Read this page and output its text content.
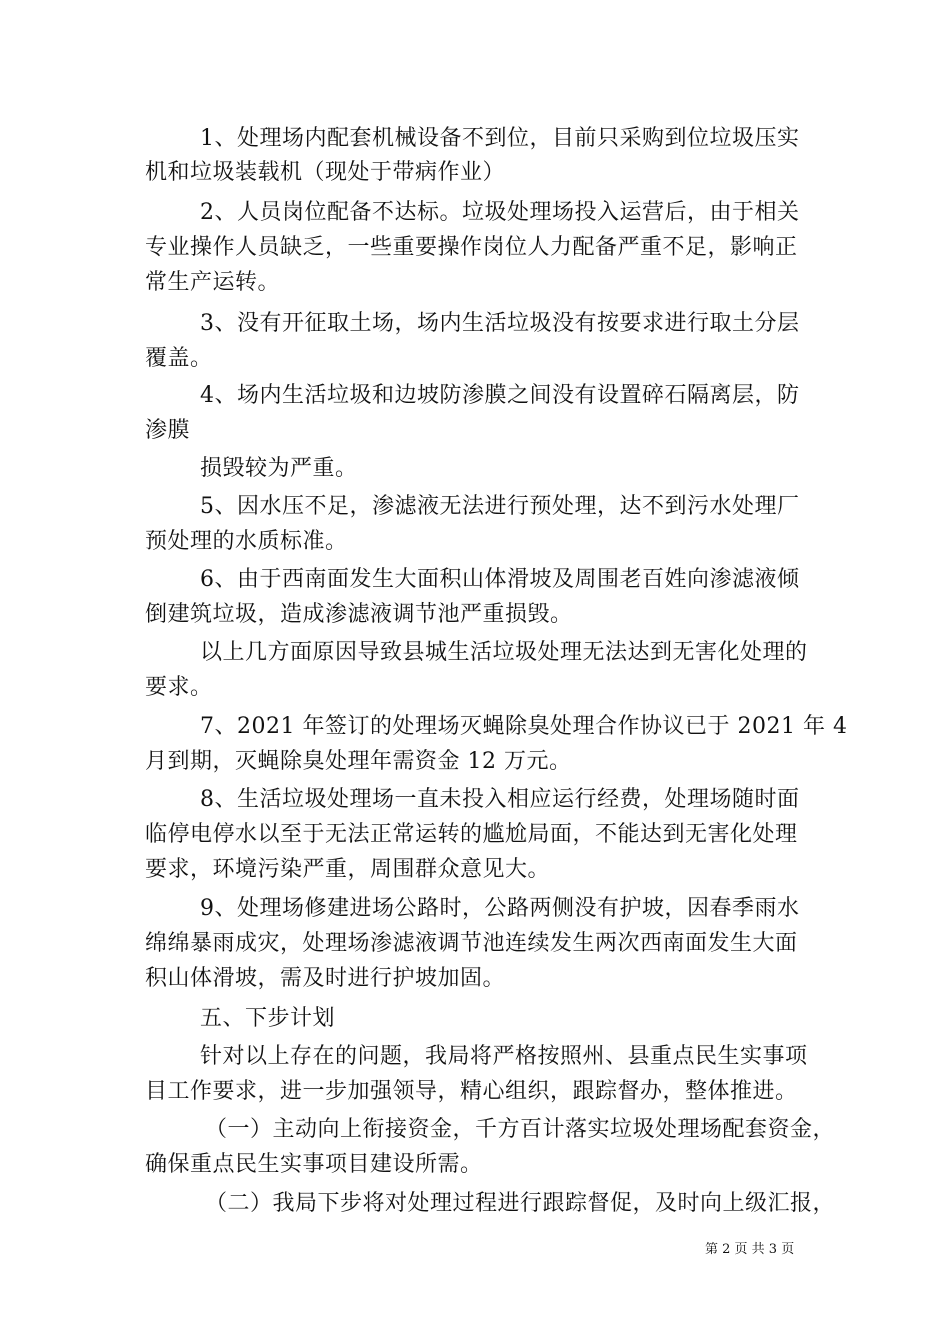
1、处理场内配套机械设备不到位，目前只采购到位垃圾压实
机和垃圾装载机（现处于带病作业）
2、人员岗位配备不达标。垃圾处理场投入运营后，由于相关
专业操作人员缺乏，一些重要操作岗位人力配备严重不足，影响正
常生产运转。
3、没有开征取土场，场内生活垃圾没有按要求进行取土分层
覆盖。
4、场内生活垃圾和边坡防渗膜之间没有设置碎石隔离层，防
渗膜
损毁较为严重。
5、因水压不足，渗滤液无法进行预处理，达不到污水处理厂
预处理的水质标准。
6、由于西南面发生大面积山体滑坡及周围老百姓向渗滤液倾
倒建筑垃圾，造成渗滤液调节池严重损毁。
以上几方面原因导致县城生活垃圾处理无法达到无害化处理的
要求。
7、2021 年签订的处理场灭蝇除臭处理合作协议已于 2021 年 4
月到期，灭蝇除臭处理年需资金 12 万元。
8、生活垃圾处理场一直未投入相应运行经费，处理场随时面
临停电停水以至于无法正常运转的尴尬局面，不能达到无害化处理
要求，环境污染严重，周围群众意见大。
9、处理场修建进场公路时，公路两侧没有护坡，因春季雨水
绵绵暴雨成灾，处理场渗滤液调节池连续发生两次西南面发生大面
积山体滑坡，需及时进行护坡加固。
五、下步计划
针对以上存在的问题，我局将严格按照州、县重点民生实事项
目工作要求，进一步加强领导，精心组织，跟踪督办，整体推进。
（一）主动向上衔接资金，千方百计落实垃圾处理场配套资金，
确保重点民生实事项目建设所需。
（二）我局下步将对处理过程进行跟踪督促，及时向上级汇报，
第 2 页 共 3 页
